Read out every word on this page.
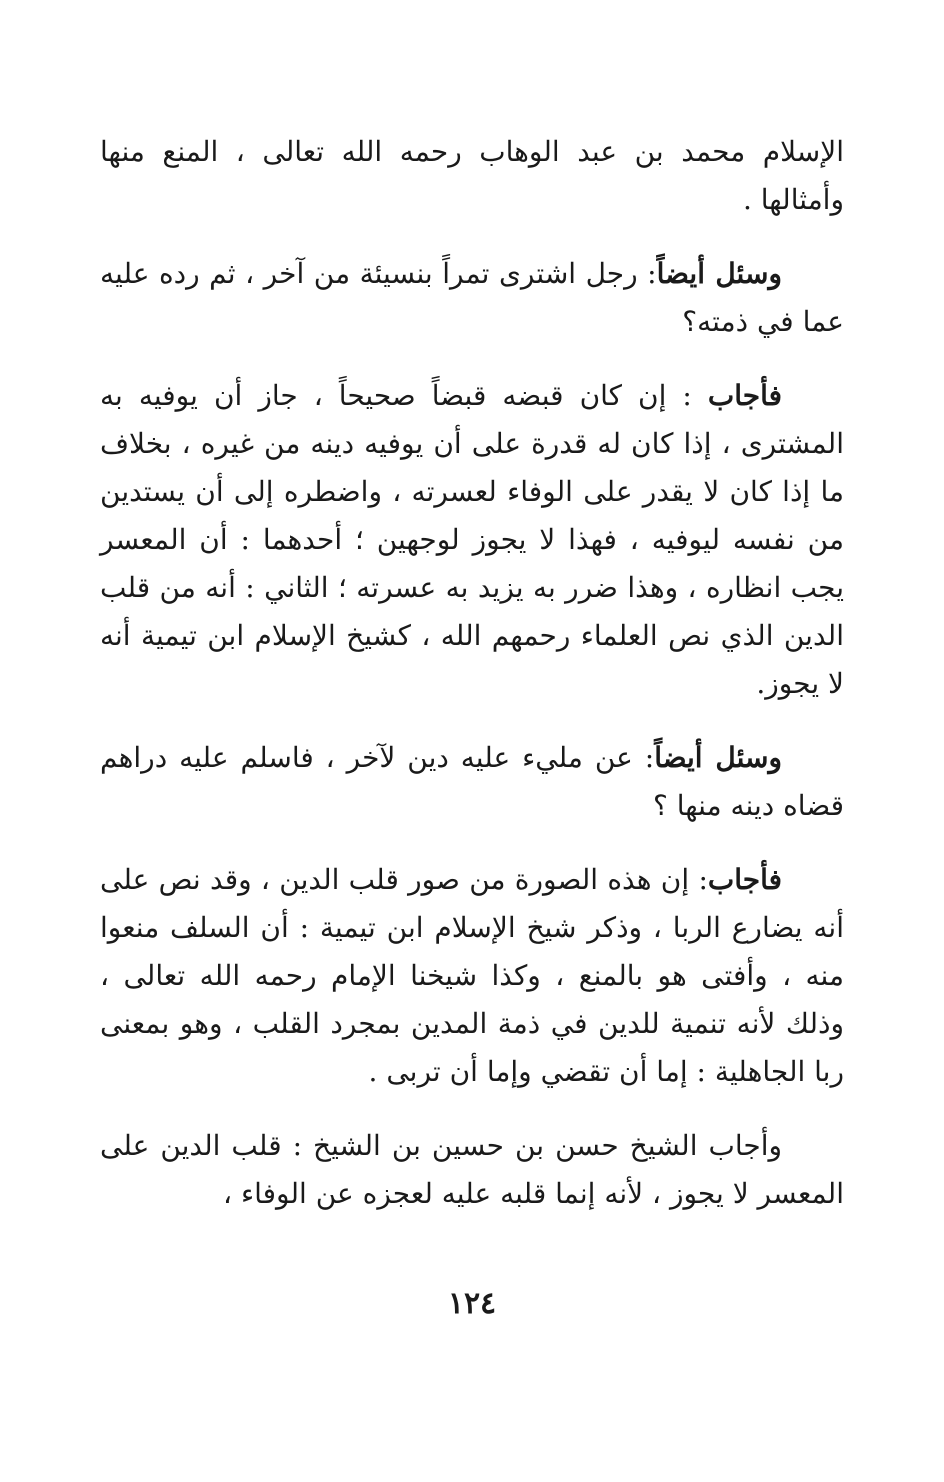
الإسلام محمد بن عبد الوهاب رحمه الله تعالى ، المنع منها وأمثالها .

وسئل أيضاً: رجل اشترى تمراً بنسيئة من آخر ، ثم رده عليه عما في ذمته؟

فأجاب : إن كان قبضه قبضاً صحيحاً ، جاز أن يوفيه به المشترى ، إذا كان له قدرة على أن يوفيه دينه من غيره ، بخلاف ما إذا كان لا يقدر على الوفاء لعسرته ، واضطره إلى أن يستدين من نفسه ليوفيه ، فهذا لا يجوز لوجهين ؛ أحدهما : أن المعسر يجب انظاره ، وهذا ضرر به يزيد به عسرته ؛ الثاني : أنه من قلب الدين الذي نص العلماء رحمهم الله ، كشيخ الإسلام ابن تيمية أنه لا يجوز.

وسئل أيضاً: عن مليء عليه دين لآخر ، فاسلم عليه دراهم قضاه دينه منها ؟

فأجاب: إن هذه الصورة من صور قلب الدين ، وقد نص على أنه يضارع الربا ، وذكر شيخ الإسلام ابن تيمية : أن السلف منعوا منه ، وأفتى هو بالمنع ، وكذا شيخنا الإمام رحمه الله تعالى ، وذلك لأنه تنمية للدين في ذمة المدين بمجرد القلب ، وهو بمعنى ربا الجاهلية : إما أن تقضي وإما أن تربى .

وأجاب الشيخ حسن بن حسين بن الشيخ : قلب الدين على المعسر لا يجوز ، لأنه إنما قلبه عليه لعجزه عن الوفاء ،

١٢٤
